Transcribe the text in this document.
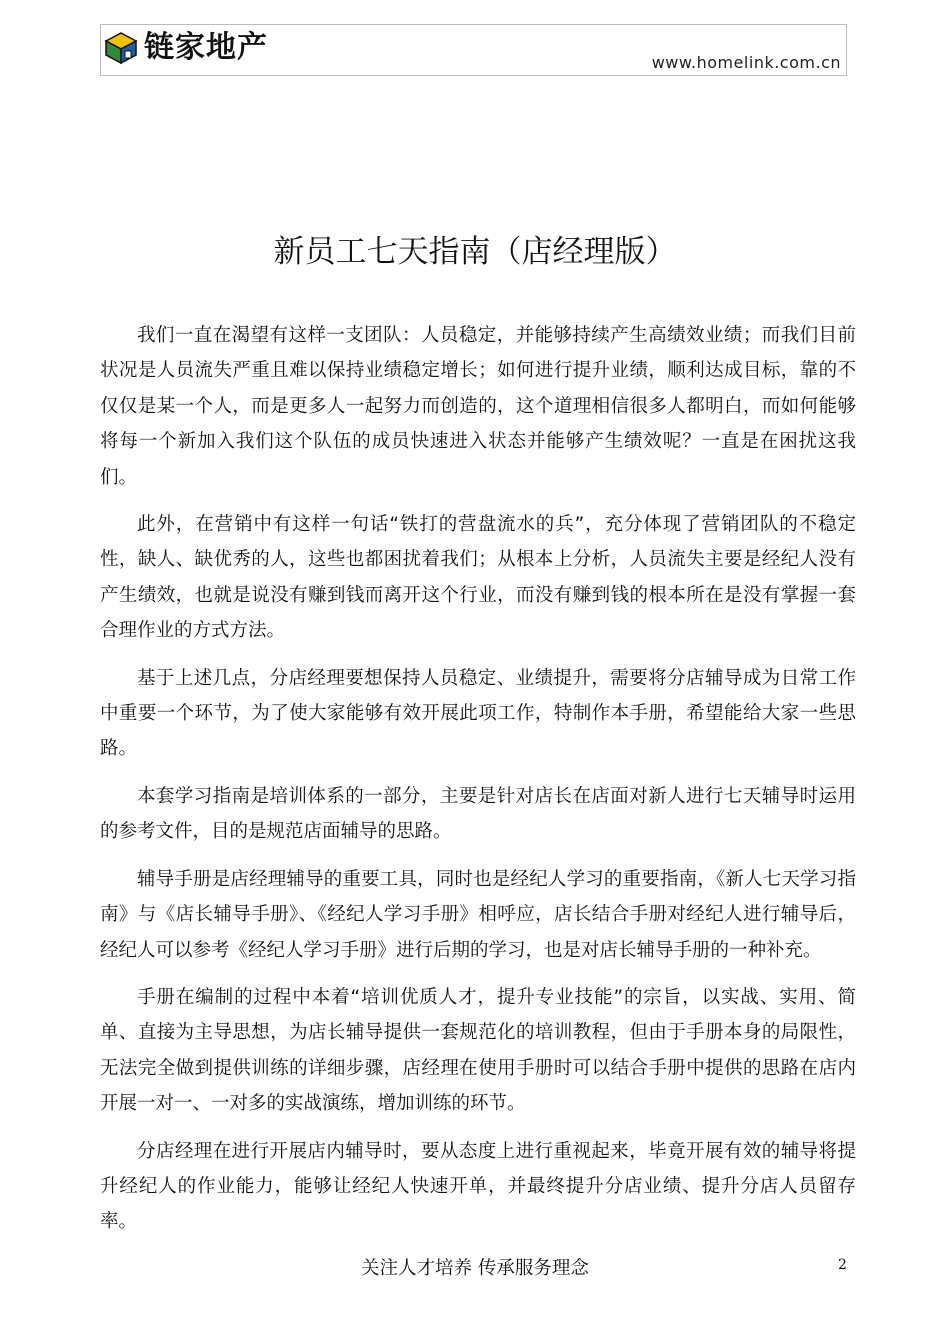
链家地产	www.homelink.com.cn
新员工七天指南（店经理版）

我们一直在渴望有这样一支团队：人员稳定，并能够持续产生高绩效业绩；而我们目前状况是人员流失严重且难以保持业绩稳定增长；如何进行提升业绩，顺利达成目标，靠的不仅仅是某一个人，而是更多人一起努力而创造的，这个道理相信很多人都明白，而如何能够将每一个新加入我们这个队伍的成员快速进入状态并能够产生绩效呢？一直是在困扰这我们。

此外，在营销中有这样一句话“铁打的营盘流水的兵”，充分体现了营销团队的不稳定性，缺人、缺优秀的人，这些也都困扰着我们；从根本上分析，人员流失主要是经纪人没有产生绩效，也就是说没有赚到钱而离开这个行业，而没有赚到钱的根本所在是没有掌握一套合理作业的方式方法。

基于上述几点，分店经理要想保持人员稳定、业绩提升，需要将分店辅导成为日常工作中重要一个环节，为了使大家能够有效开展此项工作，特制作本手册，希望能给大家一些思路。

本套学习指南是培训体系的一部分，主要是针对店长在店面对新人进行七天辅导时运用的参考文件，目的是规范店面辅导的思路。

辅导手册是店经理辅导的重要工具，同时也是经纪人学习的重要指南，《新人七天学习指南》与《店长辅导手册》、《经纪人学习手册》相呼应，店长结合手册对经纪人进行辅导后，经纪人可以参考《经纪人学习手册》进行后期的学习，也是对店长辅导手册的一种补充。

手册在编制的过程中本着“培训优质人才，提升专业技能”的宗旨，以实战、实用、简单、直接为主导思想，为店长辅导提供一套规范化的培训教程，但由于手册本身的局限性，无法完全做到提供训练的详细步骤，店经理在使用手册时可以结合手册中提供的思路在店内开展一对一、一对多的实战演练，增加训练的环节。

分店经理在进行开展店内辅导时，要从态度上进行重视起来，毕竟开展有效的辅导将提升经纪人的作业能力，能够让经纪人快速开单，并最终提升分店业绩、提升分店人员留存率。

关注人才培养 传承服务理念	2
